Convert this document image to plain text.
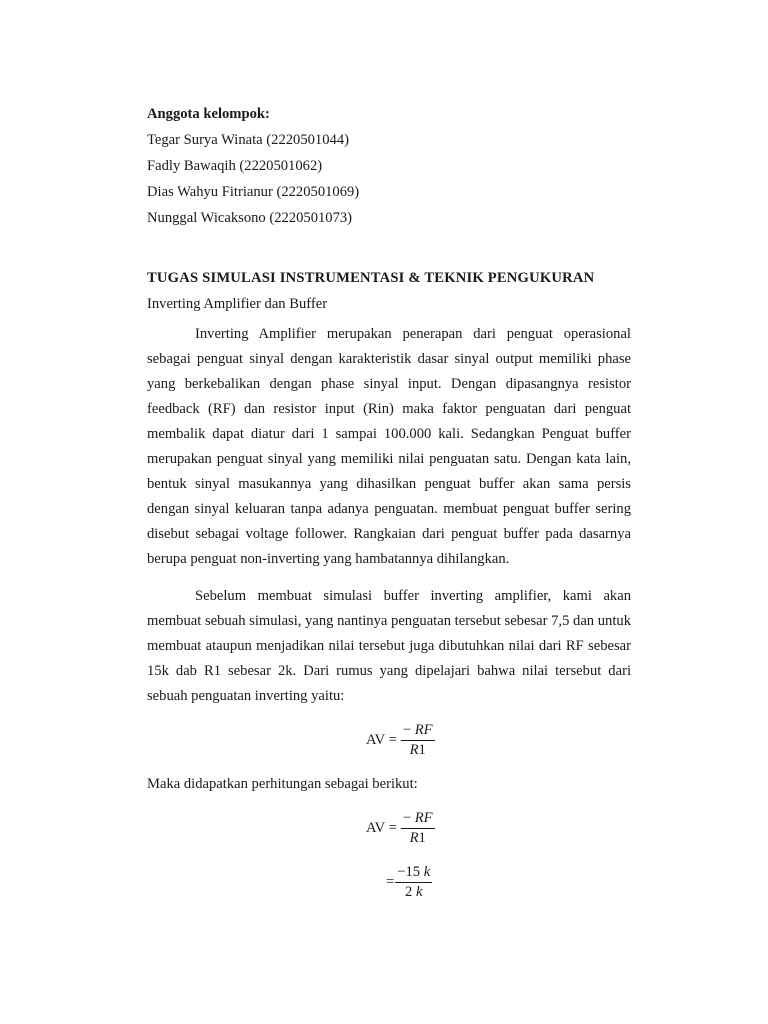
Anggota kelompok:
Tegar Surya Winata (2220501044)
Fadly Bawaqih (2220501062)
Dias Wahyu Fitrianur (2220501069)
Nunggal Wicaksono (2220501073)
TUGAS SIMULASI INSTRUMENTASI & TEKNIK PENGUKURAN
Inverting Amplifier dan Buffer

Inverting Amplifier merupakan penerapan dari penguat operasional sebagai penguat sinyal dengan karakteristik dasar sinyal output memiliki phase yang berkebalikan dengan phase sinyal input. Dengan dipasangnya resistor feedback (RF) dan resistor input (Rin) maka faktor penguatan dari penguat membalik dapat diatur dari 1 sampai 100.000 kali. Sedangkan Penguat buffer merupakan penguat sinyal yang memiliki nilai penguatan satu. Dengan kata lain, bentuk sinyal masukannya yang dihasilkan penguat buffer akan sama persis dengan sinyal keluaran tanpa adanya penguatan. membuat penguat buffer sering disebut sebagai voltage follower. Rangkaian dari penguat buffer pada dasarnya berupa penguat non-inverting yang hambatannya dihilangkan.

Sebelum membuat simulasi buffer inverting amplifier, kami akan membuat sebuah simulasi, yang nantinya penguatan tersebut sebesar 7,5 dan untuk membuat ataupun menjadikan nilai tersebut juga dibutuhkan nilai dari RF sebesar 15k dab R1 sebesar 2k. Dari rumus yang dipelajari bahwa nilai tersebut dari sebuah penguatan inverting yaitu:

AV = $\frac{- RF}{R1}$
Maka didapatkan perhitungan sebagai berikut:
AV = $\frac{- RF}{R1}$
= $\frac{-15 k}{2 k}$
